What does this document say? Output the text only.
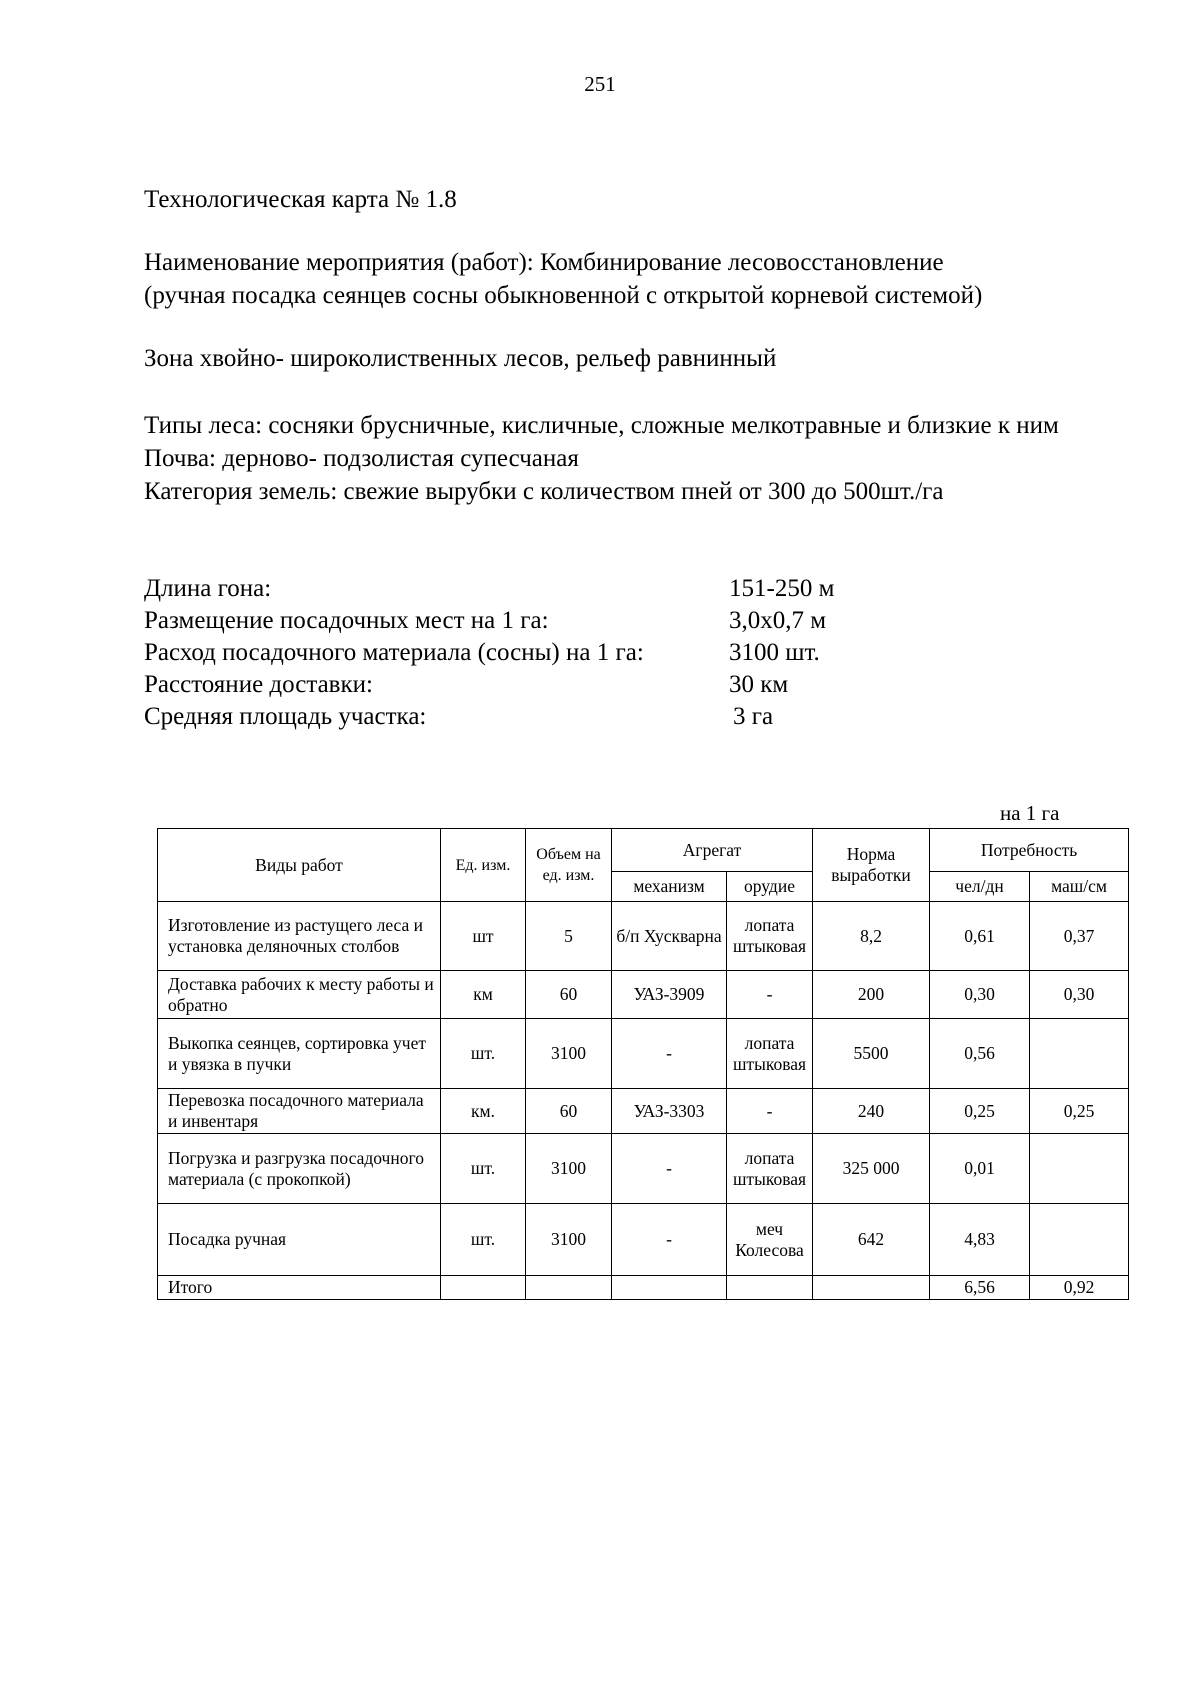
251
Технологическая карта № 1.8
Наименование мероприятия (работ): Комбинирование лесовосстановление
(ручная посадка сеянцев сосны обыкновенной с открытой корневой системой)
Зона хвойно- широколиственных лесов, рельеф равнинный
Типы леса: сосняки брусничные, кисличные, сложные мелкотравные и близкие к ним
Почва: дерново- подзолистая супесчаная
Категория земель: свежие вырубки с количеством пней от 300 до 500шт./га
Длина гона:	151-250 м
Размещение посадочных мест на 1 га:	3,0х0,7 м
Расход посадочного материала (сосны) на 1 га:	3100 шт.
Расстояние доставки:	30 км
Средняя площадь участка:	3 га
на 1 га
Виды работ	Ед. изм.	Объем на ед. изм.	Агрегат		Норма выработки	Потребность	
			механизм	орудие		чел/дн	маш/см
Изготовление из растущего леса и установка деляночных столбов	шт	5	б/п Хускварна	лопата штыковая	8,2	0,61	0,37
Доставка рабочих к месту работы и обратно	км	60	УАЗ-3909	-	200	0,30	0,30
Выкопка сеянцев, сортировка учет и увязка в пучки	шт.	3100	-	лопата штыковая	5500	0,56	
Перевозка посадочного материала и инвентаря	км.	60	УАЗ-3303	-	240	0,25	0,25
Погрузка и разгрузка посадочного материала (с прокопкой)	шт.	3100	-	лопата штыковая	325 000	0,01	
Посадка ручная	шт.	3100	-	меч Колесова	642	4,83	
Итого						6,56	0,92
